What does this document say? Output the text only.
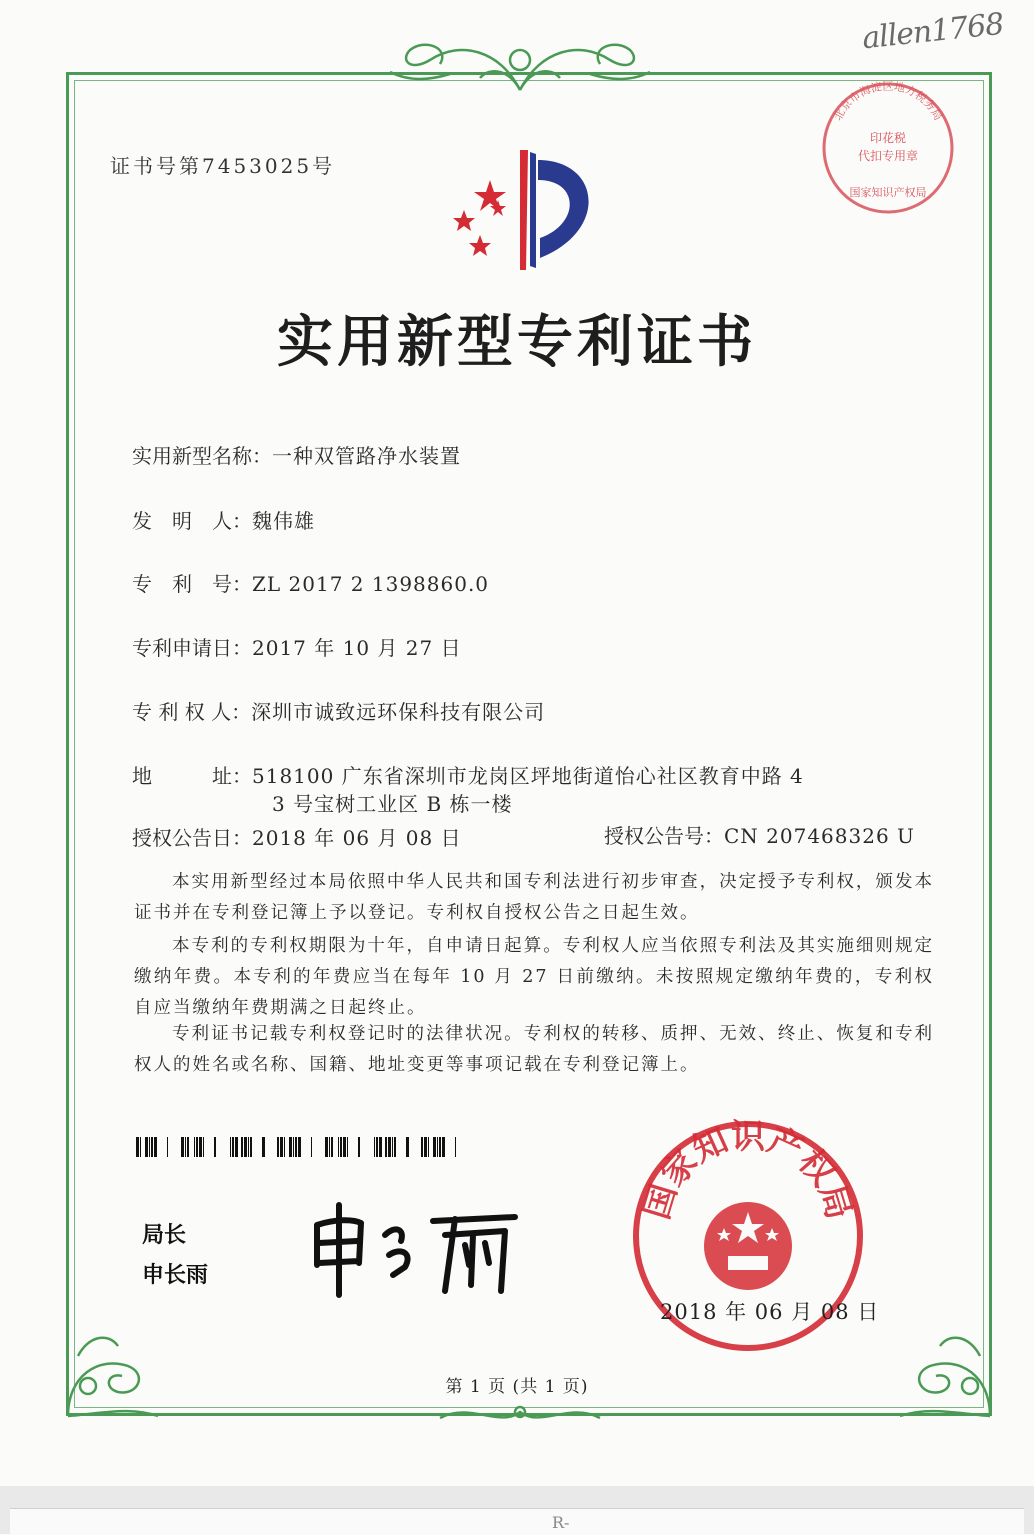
R-
allen1768
证书号第7453025号
实用新型专利证书
实用新型名称：一种双管路净水装置
发　明　人：魏伟雄
专　利　号：ZL 2017 2 1398860.0
专利申请日：2017 年 10 月 27 日
专 利 权 人：深圳市诚致远环保科技有限公司
地　　　址：518100 广东省深圳市龙岗区坪地街道怡心社区教育中路 4
3 号宝树工业区 B 栋一楼
授权公告日：2018 年 06 月 08 日	授权公告号：CN 207468326 U
本实用新型经过本局依照中华人民共和国专利法进行初步审查，决定授予专利权，颁发本证书并在专利登记簿上予以登记。专利权自授权公告之日起生效。
本专利的专利权期限为十年，自申请日起算。专利权人应当依照专利法及其实施细则规定缴纳年费。本专利的年费应当在每年 10 月 27 日前缴纳。未按照规定缴纳年费的，专利权自应当缴纳年费期满之日起终止。
专利证书记载专利权登记时的法律状况。专利权的转移、质押、无效、终止、恢复和专利权人的姓名或名称、国籍、地址变更等事项记载在专利登记簿上。
局长
申长雨
国家知识产权局
2018 年 06 月 08 日
北京市海淀区地方税务局
印花税
代扣专用章
国家知识产权局
第 1 页 (共 1 页)
